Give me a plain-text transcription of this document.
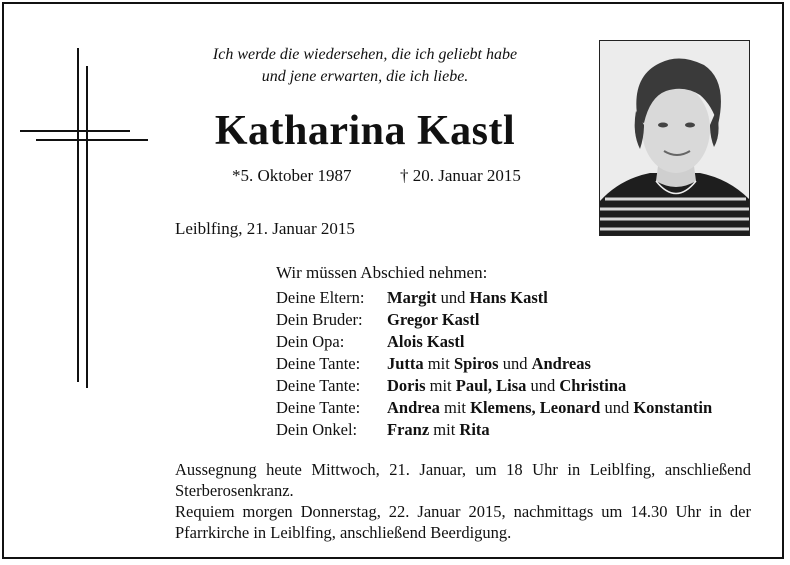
Ich werde die wiedersehen, die ich geliebt habe
und jene erwarten, die ich liebe.
Katharina Kastl
*5. Oktober 1987	† 20. Januar 2015
Leiblfing, 21. Januar 2015
Wir müssen Abschied nehmen:
Deine Eltern: Margit und Hans Kastl
Dein Bruder: Gregor Kastl
Dein Opa:	Alois Kastl
Deine Tante: Jutta mit Spiros und Andreas
Deine Tante: Doris mit Paul, Lisa und Christina
Deine Tante: Andrea mit Klemens, Leonard und Konstantin
Dein Onkel: Franz mit Rita

Aussegnung heute Mittwoch, 21. Januar, um 18 Uhr in Leiblfing, anschließend Sterberosenkranz.

Requiem morgen Donnerstag, 22. Januar 2015, nachmittags um 14.30 Uhr in der Pfarrkirche in Leiblfing, anschließend Beerdigung.
